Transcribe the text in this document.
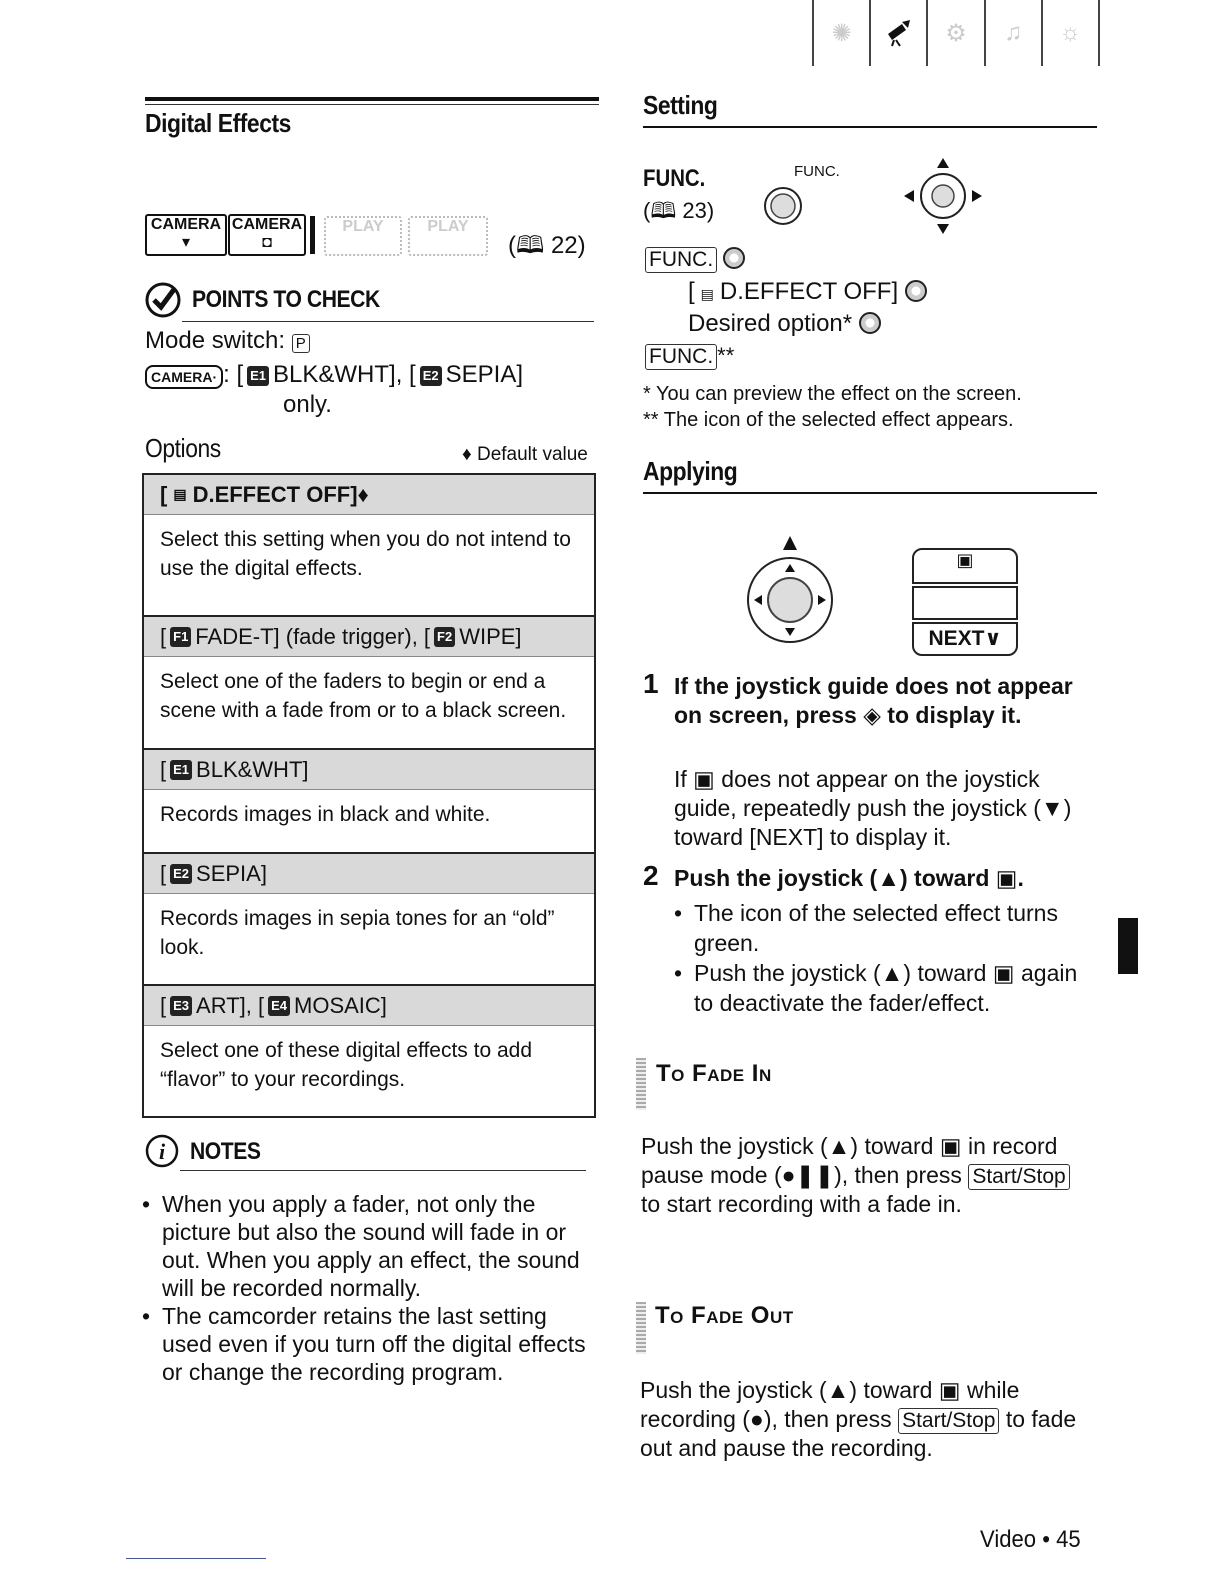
✺	⚙	♫	☼
Digital Effects
CAMERA
▾
CAMERA
◘
PLAY	PLAY
(🕮 22)
POINTS TO CHECK
Mode switch: P
CAMERA· : [ E1 BLK&WHT], [ E2 SEPIA]
only.
Options	♦ Default value
[ ▤ D.EFFECT OFF]♦
Select this setting when you do not intend to use the digital effects.
[ F1 FADE-T] (fade trigger), [ F2 WIPE]
Select one of the faders to begin or end a scene with a fade from or to a black screen.
[ E1 BLK&WHT]
Records images in black and white.
[ E2 SEPIA]
Records images in sepia tones for an “old” look.
[ E3 ART], [ E4 MOSAIC]
Select one of these digital effects to add “flavor” to your recordings.
i NOTES
• When you apply a fader, not only the picture but also the sound will fade in or out. When you apply an effect, the sound will be recorded normally.
• The camcorder retains the last setting used even if you turn off the digital effects or change the recording program.
Setting
FUNC.
(🕮 23)
FUNC.
FUNC.
[ ▤ D.EFFECT OFF]
Desired option*
FUNC. **
* You can preview the effect on the screen.
** The icon of the selected effect appears.
Applying
▣
NEXT∨
1 If the joystick guide does not appear on screen, press ◈ to display it.
If ▣ does not appear on the joystick guide, repeatedly push the joystick (▼) toward [NEXT] to display it.
2 Push the joystick (▲) toward ▣.
• The icon of the selected effect turns green.
• Push the joystick (▲) toward ▣ again to deactivate the fader/effect.
To Fade In
Push the joystick (▲) toward ▣ in record pause mode (●❚❚), then press Start/Stop to start recording with a fade in.
To Fade Out
Push the joystick (▲) toward ▣ while recording (●), then press Start/Stop to fade out and pause the recording.
Video • 45
